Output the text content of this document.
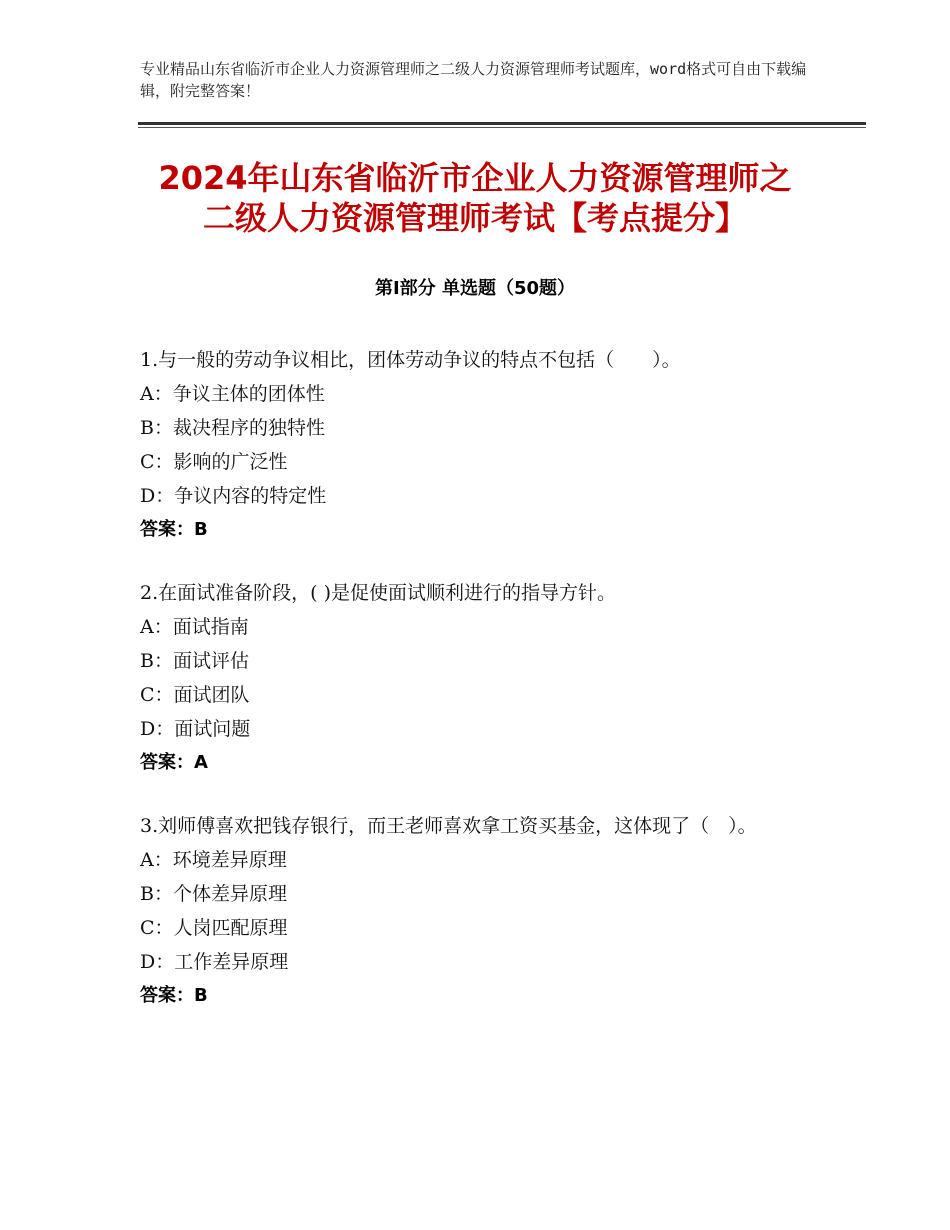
专业精品山东省临沂市企业人力资源管理师之二级人力资源管理师考试题库，word格式可自由下载编辑，附完整答案！
2024年山东省临沂市企业人力资源管理师之
二级人力资源管理师考试【考点提分】
第Ⅰ部分 单选题（50题）
1.与一般的劳动争议相比，团体劳动争议的特点不包括（　　）。
A：争议主体的团体性
B：裁决程序的独特性
C：影响的广泛性
D：争议内容的特定性
答案：B
2.在面试准备阶段，( )是促使面试顺利进行的指导方针。
A：面试指南
B：面试评估
C：面试团队
D：面试问题
答案：A
3.刘师傅喜欢把钱存银行，而王老师喜欢拿工资买基金，这体现了（　）。
A：环境差异原理
B：个体差异原理
C：人岗匹配原理
D：工作差异原理
答案：B
